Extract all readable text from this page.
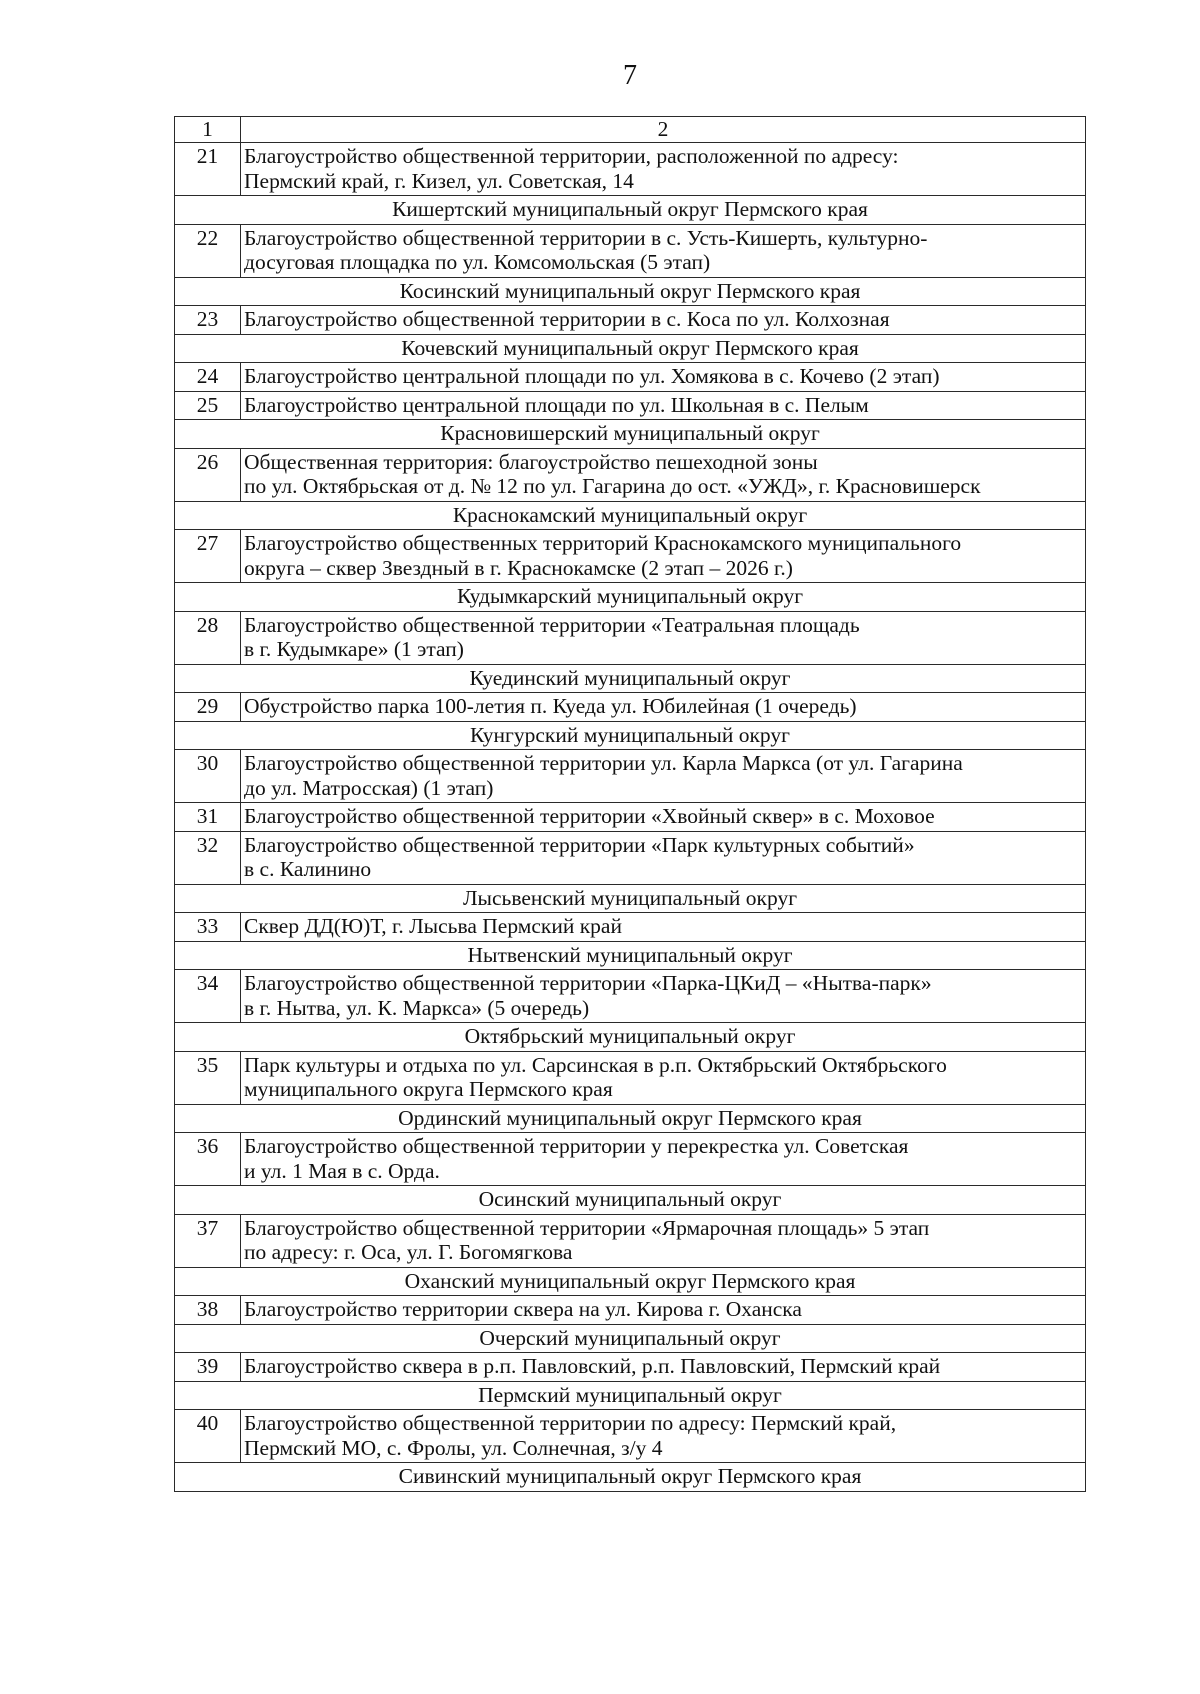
7
1	2
21	Благоустройство общественной территории, расположенной по адресу:
Пермский край, г. Кизел, ул. Советская, 14
Кишертский муниципальный округ Пермского края	
22	Благоустройство общественной территории в с. Усть-Кишерть, культурно-
досуговая площадка по ул. Комсомольская (5 этап)
Косинский муниципальный округ Пермского края	
23	Благоустройство общественной территории в с. Коса по ул. Колхозная
Кочевский муниципальный округ Пермского края	
24	Благоустройство центральной площади по ул. Хомякова в с. Кочево (2 этап)
25	Благоустройство центральной площади по ул. Школьная в с. Пелым
Красновишерский муниципальный округ	
26	Общественная территория: благоустройство пешеходной зоны
по ул. Октябрьская от д. № 12 по ул. Гагарина до ост. «УЖД», г. Красновишерск
Краснокамский муниципальный округ	
27	Благоустройство общественных территорий Краснокамского муниципального
округа – сквер Звездный в г. Краснокамске (2 этап – 2026 г.)
Кудымкарский муниципальный округ	
28	Благоустройство общественной территории «Театральная площадь
в г. Кудымкаре» (1 этап)
Куединский муниципальный округ	
29	Обустройство парка 100-летия п. Куеда ул. Юбилейная (1 очередь)
Кунгурский муниципальный округ	
30	Благоустройство общественной территории ул. Карла Маркса (от ул. Гагарина
до ул. Матросская) (1 этап)
31	Благоустройство общественной территории «Хвойный сквер» в с. Моховое
32	Благоустройство общественной территории «Парк культурных событий»
в с. Калинино
Лысьвенский муниципальный округ	
33	Сквер ДД(Ю)Т, г. Лысьва Пермский край
Нытвенский муниципальный округ	
34	Благоустройство общественной территории «Парка-ЦКиД – «Нытва-парк»
в г. Нытва, ул. К. Маркса» (5 очередь)
Октябрьский муниципальный округ	
35	Парк культуры и отдыха по ул. Сарсинская в р.п. Октябрьский Октябрьского
муниципального округа Пермского края
Ординский муниципальный округ Пермского края	
36	Благоустройство общественной территории у перекрестка ул. Советская
и ул. 1 Мая в с. Орда.
Осинский муниципальный округ	
37	Благоустройство общественной территории «Ярмарочная площадь» 5 этап
по адресу: г. Оса, ул. Г. Богомягкова
Оханский муниципальный округ Пермского края	
38	Благоустройство территории сквера на ул. Кирова г. Оханска
Очерский муниципальный округ	
39	Благоустройство сквера в р.п. Павловский, р.п. Павловский, Пермский край
Пермский муниципальный округ	
40	Благоустройство общественной территории по адресу: Пермский край,
Пермский МО, с. Фролы, ул. Солнечная, з/у 4
Сивинский муниципальный округ Пермского края	
